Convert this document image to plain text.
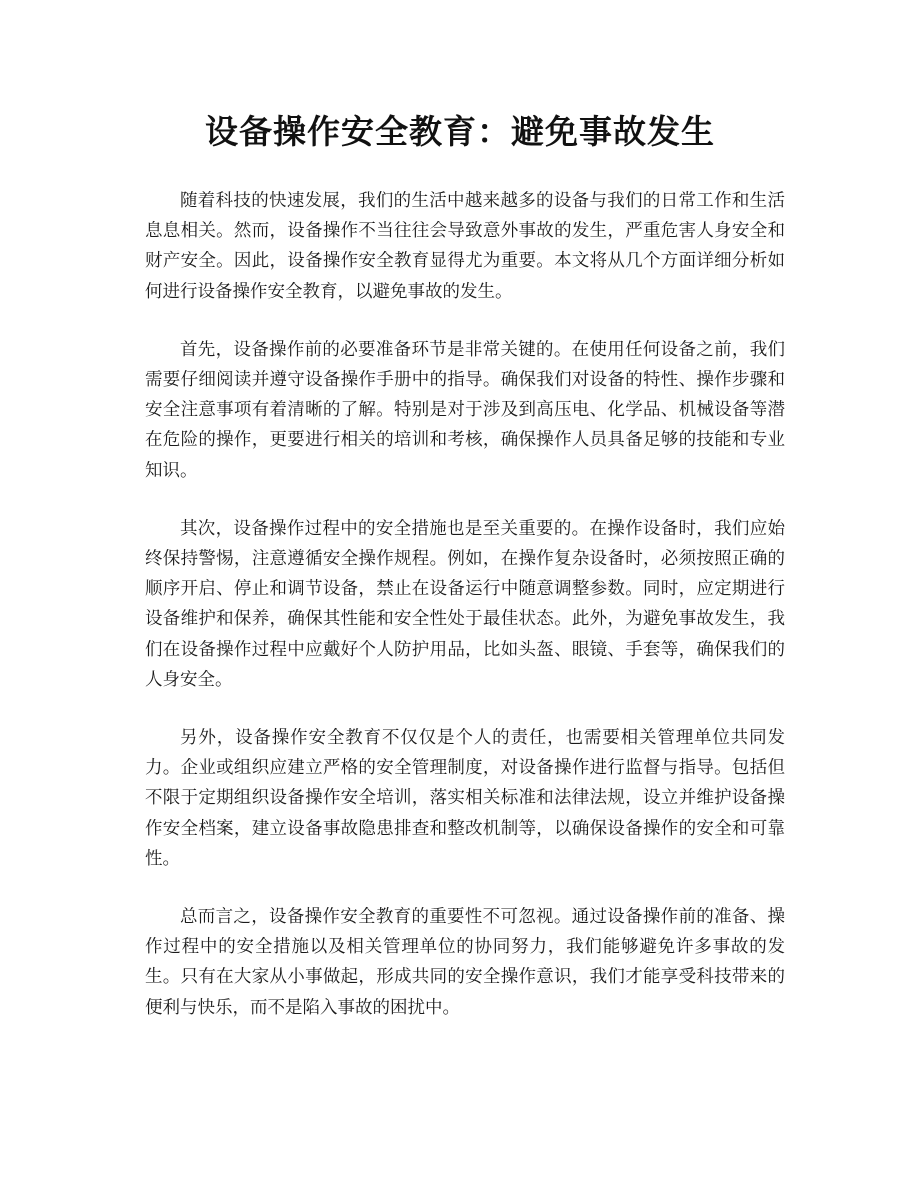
设备操作安全教育：避免事故发生

随着科技的快速发展，我们的生活中越来越多的设备与我们的日常工作和生活息息相关。然而，设备操作不当往往会导致意外事故的发生，严重危害人身安全和财产安全。因此，设备操作安全教育显得尤为重要。本文将从几个方面详细分析如何进行设备操作安全教育，以避免事故的发生。

首先，设备操作前的必要准备环节是非常关键的。在使用任何设备之前，我们需要仔细阅读并遵守设备操作手册中的指导。确保我们对设备的特性、操作步骤和安全注意事项有着清晰的了解。特别是对于涉及到高压电、化学品、机械设备等潜在危险的操作，更要进行相关的培训和考核，确保操作人员具备足够的技能和专业知识。

其次，设备操作过程中的安全措施也是至关重要的。在操作设备时，我们应始终保持警惕，注意遵循安全操作规程。例如，在操作复杂设备时，必须按照正确的顺序开启、停止和调节设备，禁止在设备运行中随意调整参数。同时，应定期进行设备维护和保养，确保其性能和安全性处于最佳状态。此外，为避免事故发生，我们在设备操作过程中应戴好个人防护用品，比如头盔、眼镜、手套等，确保我们的人身安全。

另外，设备操作安全教育不仅仅是个人的责任，也需要相关管理单位共同发力。企业或组织应建立严格的安全管理制度，对设备操作进行监督与指导。包括但不限于定期组织设备操作安全培训，落实相关标准和法律法规，设立并维护设备操作安全档案，建立设备事故隐患排查和整改机制等，以确保设备操作的安全和可靠性。

总而言之，设备操作安全教育的重要性不可忽视。通过设备操作前的准备、操作过程中的安全措施以及相关管理单位的协同努力，我们能够避免许多事故的发生。只有在大家从小事做起，形成共同的安全操作意识，我们才能享受科技带来的便利与快乐，而不是陷入事故的困扰中。
